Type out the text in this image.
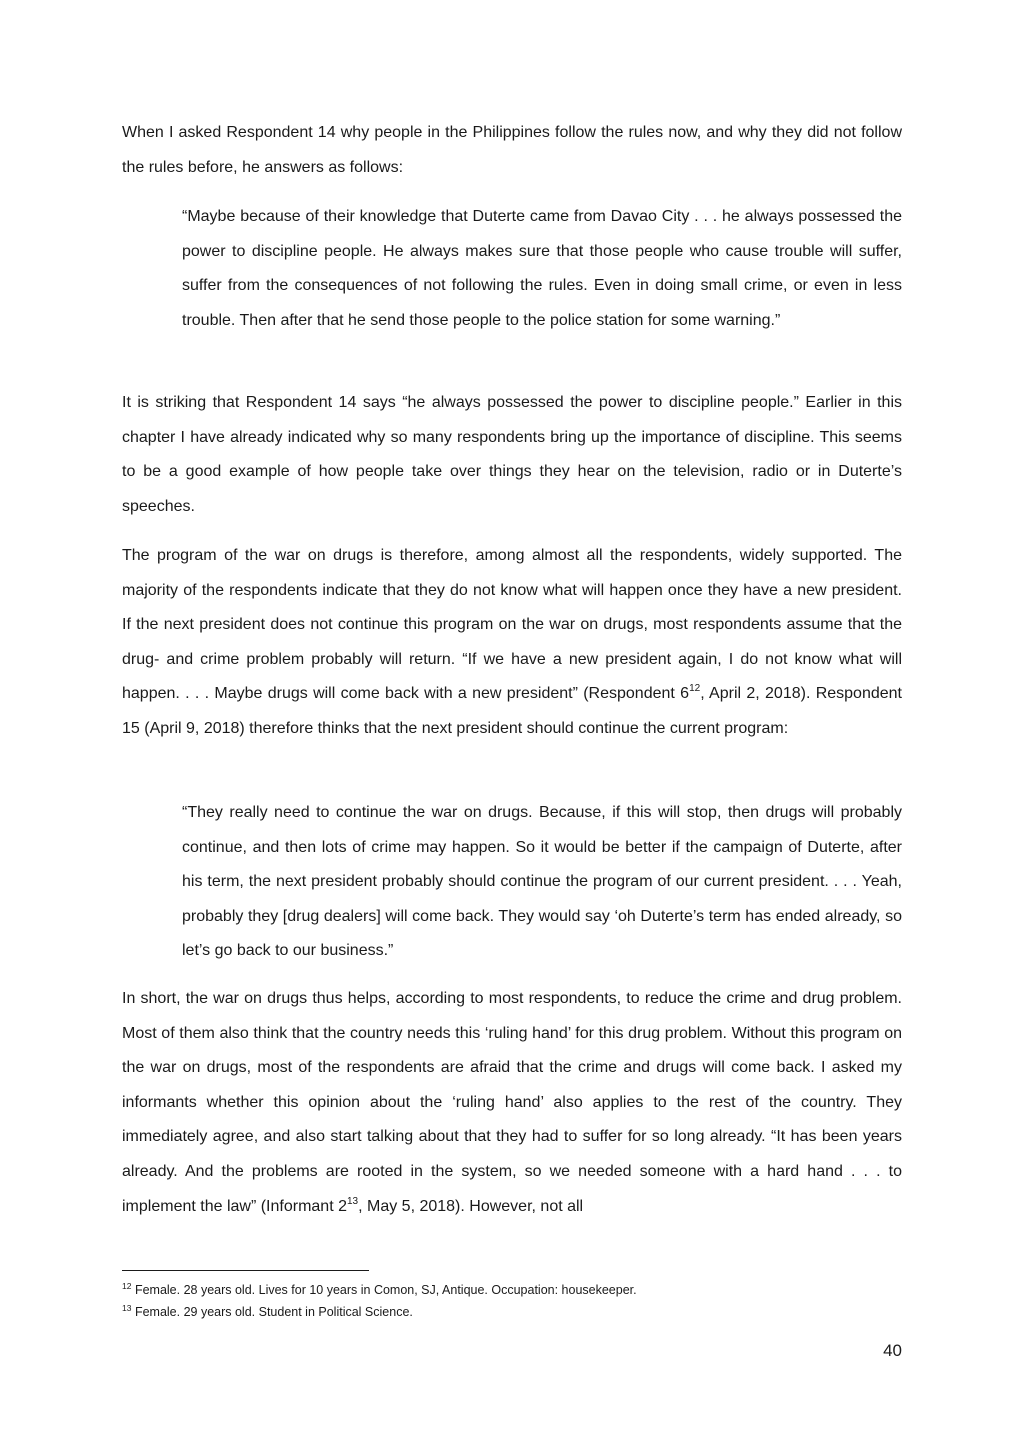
When I asked Respondent 14 why people in the Philippines follow the rules now, and why they did not follow the rules before, he answers as follows:

“Maybe because of their knowledge that Duterte came from Davao City . . . he always possessed the power to discipline people. He always makes sure that those people who cause trouble will suffer, suffer from the consequences of not following the rules. Even in doing small crime, or even in less trouble. Then after that he send those people to the police station for some warning.”

It is striking that Respondent 14 says “he always possessed the power to discipline people.” Earlier in this chapter I have already indicated why so many respondents bring up the importance of discipline. This seems to be a good example of how people take over things they hear on the television, radio or in Duterte’s speeches.

The program of the war on drugs is therefore, among almost all the respondents, widely supported. The majority of the respondents indicate that they do not know what will happen once they have a new president. If the next president does not continue this program on the war on drugs, most respondents assume that the drug- and crime problem probably will return. “If we have a new president again, I do not know what will happen. . . . Maybe drugs will come back with a new president” (Respondent $6^{12}$, April 2, 2018). Respondent 15 (April 9, 2018) therefore thinks that the next president should continue the current program:

“They really need to continue the war on drugs. Because, if this will stop, then drugs will probably continue, and then lots of crime may happen. So it would be better if the campaign of Duterte, after his term, the next president probably should continue the program of our current president. . . . Yeah, probably they [drug dealers] will come back. They would say ‘oh Duterte’s term has ended already, so let’s go back to our business.”

In short, the war on drugs thus helps, according to most respondents, to reduce the crime and drug problem. Most of them also think that the country needs this ‘ruling hand’ for this drug problem. Without this program on the war on drugs, most of the respondents are afraid that the crime and drugs will come back. I asked my informants whether this opinion about the ‘ruling hand’ also applies to the rest of the country. They immediately agree, and also start talking about that they had to suffer for so long already. “It has been years already. And the problems are rooted in the system, so we needed someone with a hard hand . . . to implement the law” (Informant $2^{13}$, May 5, 2018). However, not all

$^{12}$ Female. 28 years old. Lives for 10 years in Comon, SJ, Antique. Occupation: housekeeper.

$^{13}$ Female. 29 years old. Student in Political Science.

40
